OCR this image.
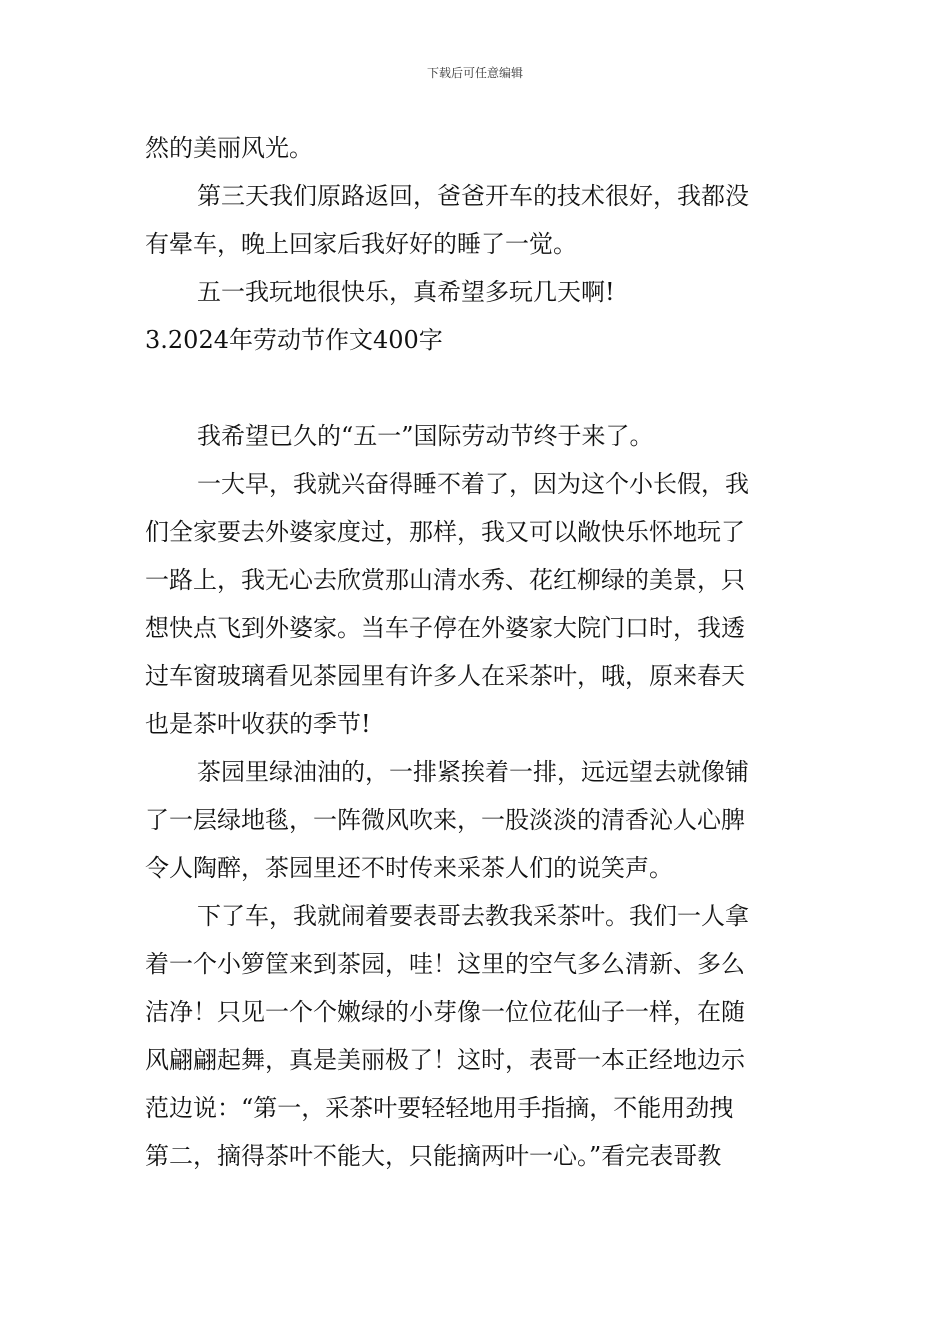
下载后可任意编辑
然的美丽风光。
第三天我们原路返回，爸爸开车的技术很好，我都没
有晕车，晚上回家后我好好的睡了一觉。
五一我玩地很快乐，真希望多玩几天啊!
3.2024年劳动节作文400字
我希望已久的“五一”国际劳动节终于来了。
一大早，我就兴奋得睡不着了，因为这个小长假，我
们全家要去外婆家度过，那样，我又可以敞快乐怀地玩了
一路上，我无心去欣赏那山清水秀、花红柳绿的美景，只
想快点飞到外婆家。当车子停在外婆家大院门口时，我透
过车窗玻璃看见茶园里有许多人在采茶叶，哦，原来春天
也是茶叶收获的季节!
茶园里绿油油的，一排紧挨着一排，远远望去就像铺
了一层绿地毯，一阵微风吹来，一股淡淡的清香沁人心脾
令人陶醉，茶园里还不时传来采茶人们的说笑声。
下了车，我就闹着要表哥去教我采茶叶。我们一人拿
着一个小箩筐来到茶园，哇！这里的空气多么清新、多么
洁净！只见一个个嫩绿的小芽像一位位花仙子一样，在随
风翩翩起舞，真是美丽极了！这时，表哥一本正经地边示
范边说：“第一，采茶叶要轻轻地用手指摘，不能用劲拽
第二，摘得茶叶不能大，只能摘两叶一心。”看完表哥教
